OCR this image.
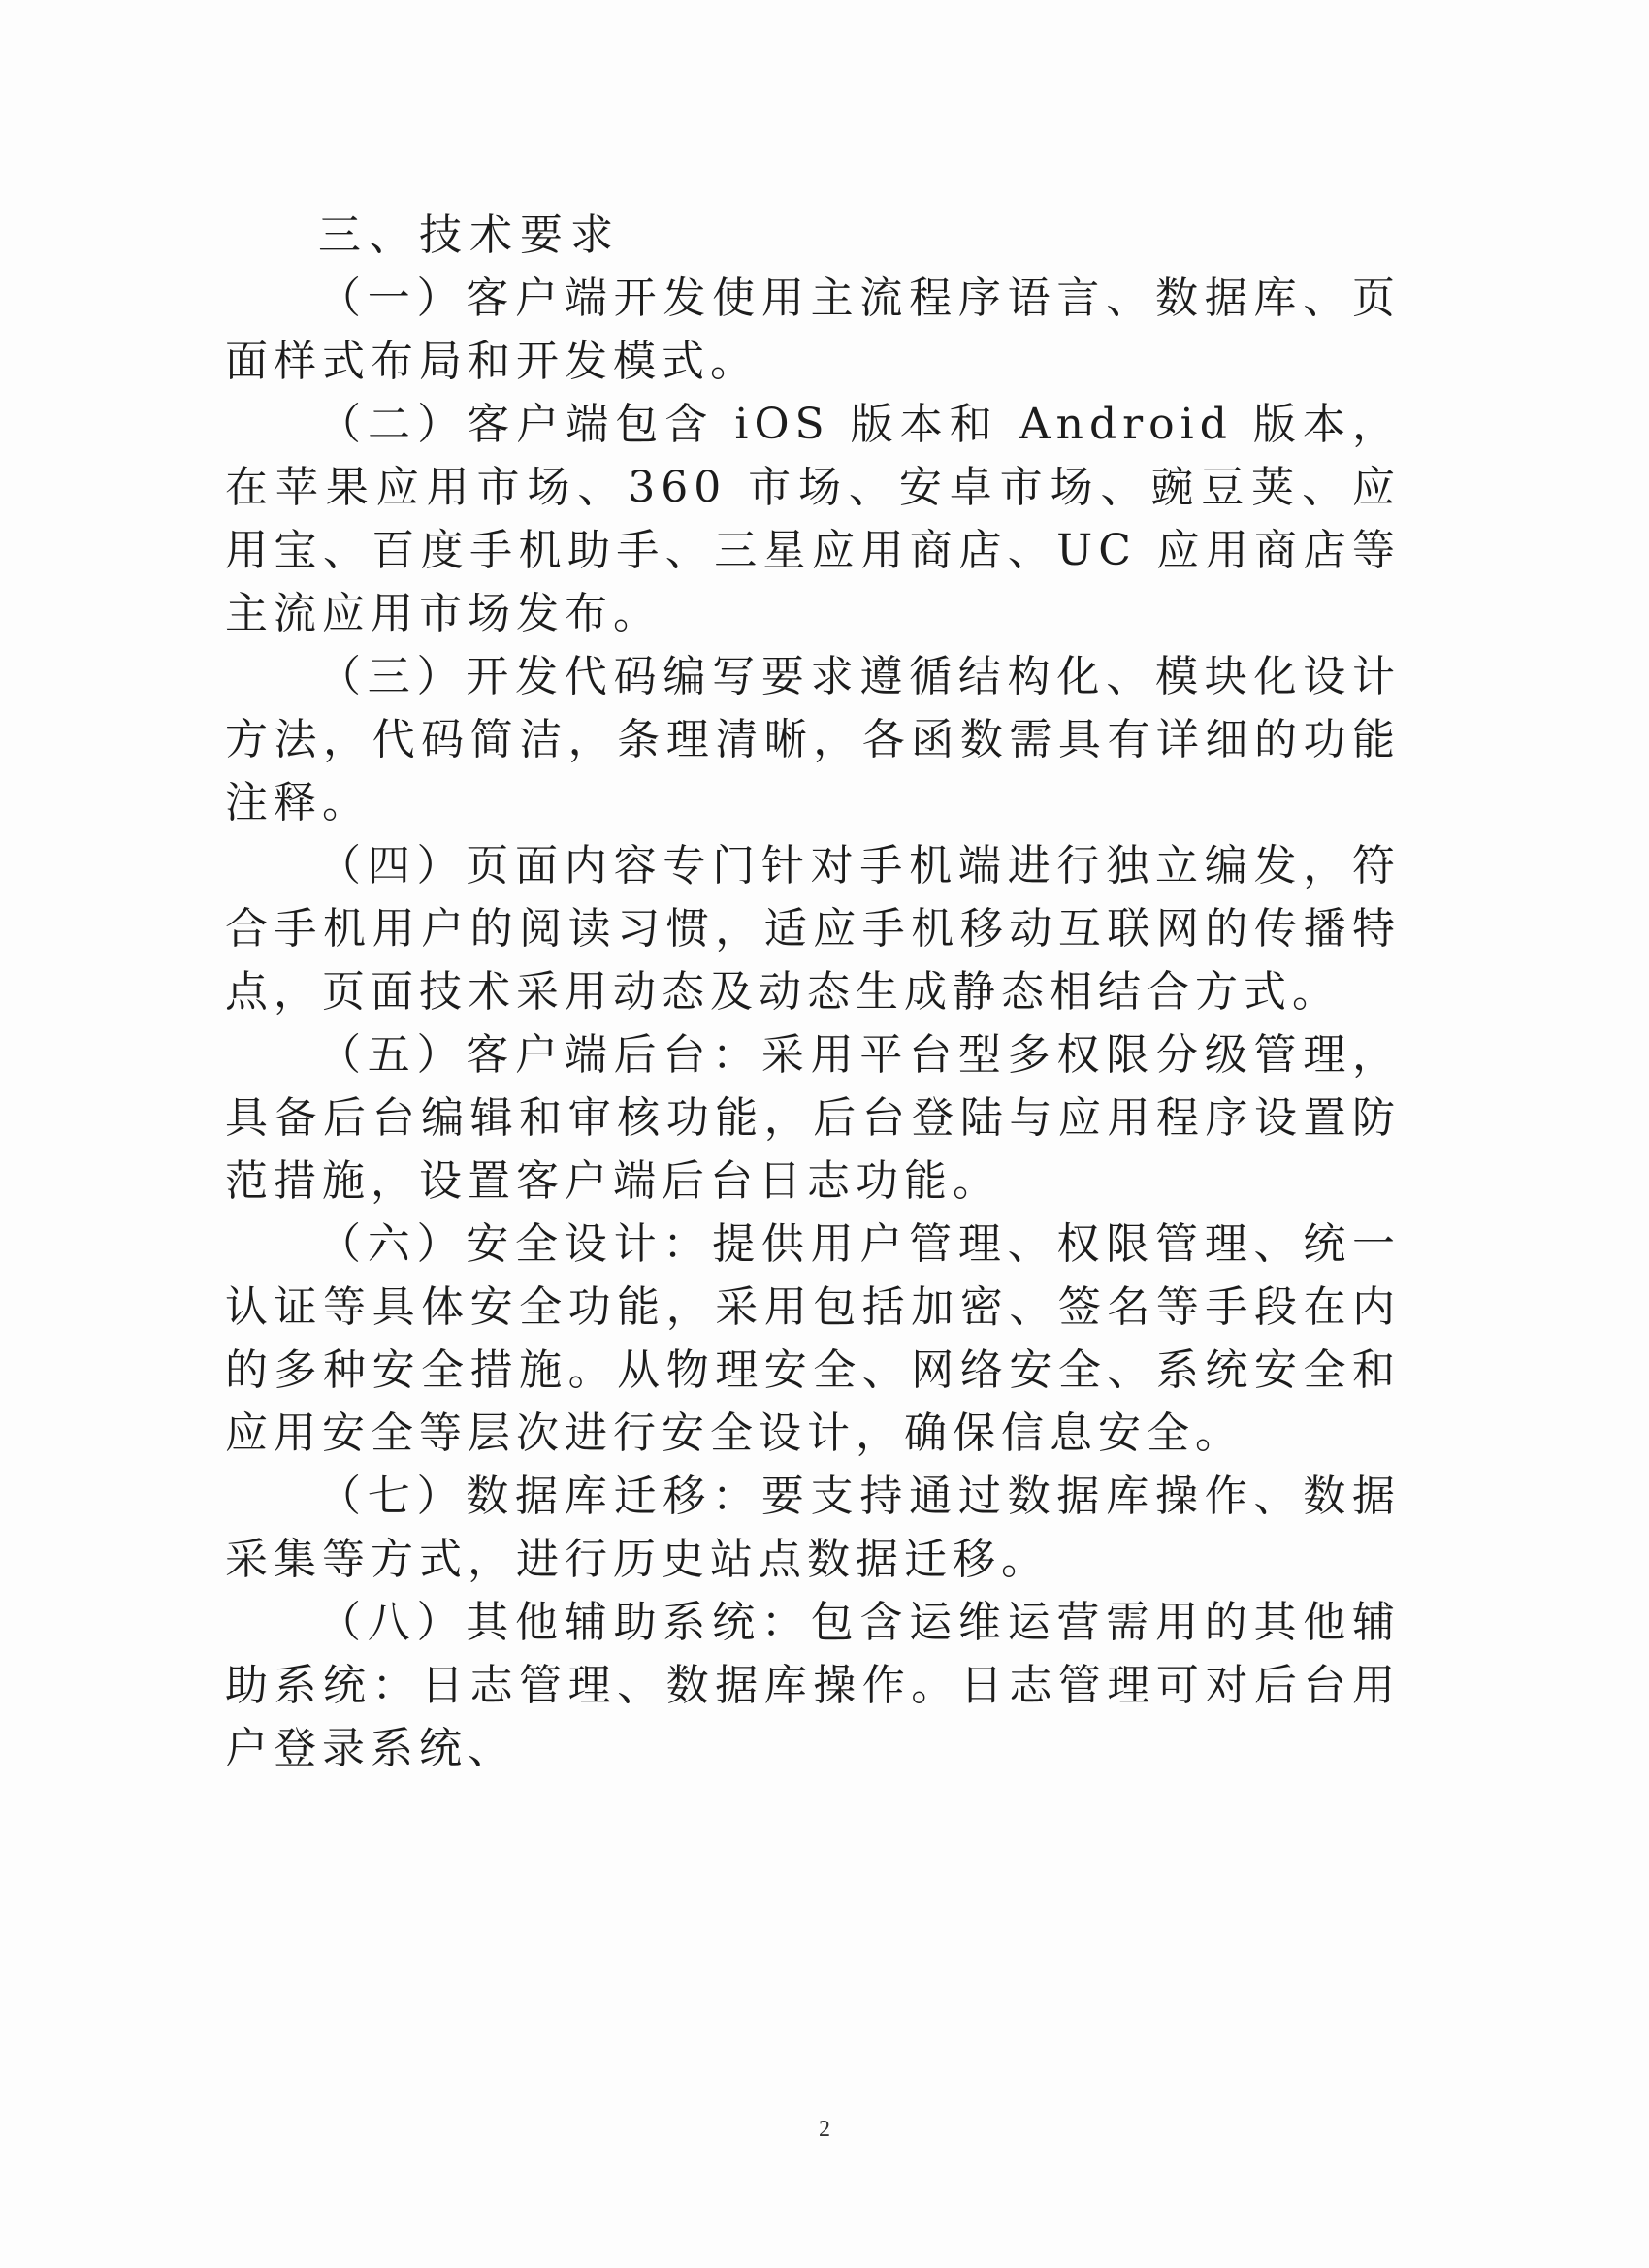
三、技术要求

（一）客户端开发使用主流程序语言、数据库、页面样式布局和开发模式。

（二）客户端包含 iOS 版本和 Android 版本，在苹果应用市场、360 市场、安卓市场、豌豆荚、应用宝、百度手机助手、三星应用商店、UC 应用商店等主流应用市场发布。

（三）开发代码编写要求遵循结构化、模块化设计方法，代码简洁，条理清晰，各函数需具有详细的功能注释。

（四）页面内容专门针对手机端进行独立编发，符合手机用户的阅读习惯，适应手机移动互联网的传播特点，页面技术采用动态及动态生成静态相结合方式。

（五）客户端后台：采用平台型多权限分级管理，具备后台编辑和审核功能，后台登陆与应用程序设置防范措施，设置客户端后台日志功能。

（六）安全设计：提供用户管理、权限管理、统一认证等具体安全功能，采用包括加密、签名等手段在内的多种安全措施。从物理安全、网络安全、系统安全和应用安全等层次进行安全设计，确保信息安全。

（七）数据库迁移：要支持通过数据库操作、数据采集等方式，进行历史站点数据迁移。

（八）其他辅助系统：包含运维运营需用的其他辅助系统：日志管理、数据库操作。日志管理可对后台用户登录系统、

2
